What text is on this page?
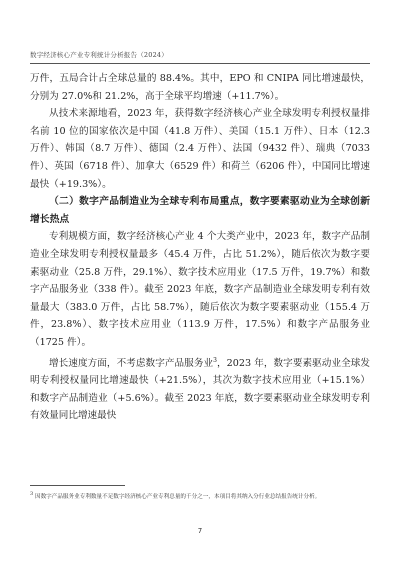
数字经济核心产业专利统计分析报告（2024）

万件，五局合计占全球总量的 88.4%。其中，EPO 和 CNIPA 同比增速最快，分别为 27.0%和 21.2%，高于全球平均增速（+11.7%）。

从技术来源地看，2023 年，获得数字经济核心产业全球发明专利授权量排名前 10 位的国家依次是中国（41.8 万件）、美国（15.1 万件）、日本（12.3 万件）、韩国（8.7 万件）、德国（2.4 万件）、法国（9432 件）、瑞典（7033 件）、英国（6718 件）、加拿大（6529 件）和荷兰（6206 件），中国同比增速最快（+19.3%）。

（二）数字产品制造业为全球专利布局重点，数字要素驱动业为全球创新增长热点

专利规模方面，数字经济核心产业 4 个大类产业中，2023 年，数字产品制造业全球发明专利授权量最多（45.4 万件，占比 51.2%），随后依次为数字要素驱动业（25.8 万件，29.1%）、数字技术应用业（17.5 万件，19.7%）和数字产品服务业（338 件）。截至 2023 年底，数字产品制造业全球发明专利有效量最大（383.0 万件，占比 58.7%），随后依次为数字要素驱动业（155.4 万件，23.8%）、数字技术应用业（113.9 万件，17.5%）和数字产品服务业（1725 件）。

增长速度方面，不考虑数字产品服务业$^3$，2023 年，数字要素驱动业全球发明专利授权量同比增速最快（+21.5%），其次为数字技术应用业（+15.1%）和数字产品制造业（+5.6%）。截至 2023 年底，数字要素驱动业全球发明专利有效量同比增速最快

$^3$ 因数字产品服务业专利数量不足数字经济核心产业专利总量的千分之一，本项目将其纳入分行业总结报告统计分析。
7
